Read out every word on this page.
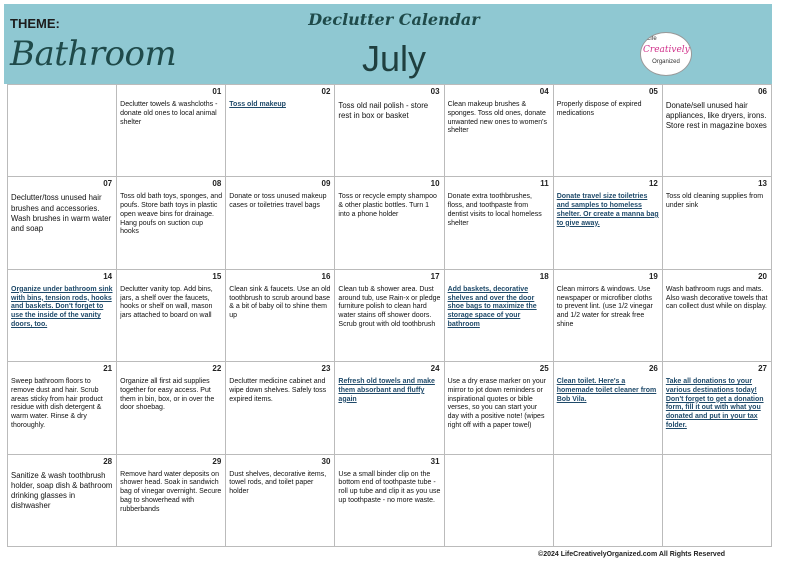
THEME:
Bathroom
Declutter Calendar
July	Life
Creatively
Organized
01
Declutter towels & washcloths - donate old ones to local animal shelter
02
Toss old makeup
03
Toss old nail polish - store rest in box or basket
04
Clean makeup brushes & sponges. Toss old ones, donate unwanted new ones to women's shelter
05
Properly dispose of expired medications
06
Donate/sell unused hair appliances, like dryers, irons. Store rest in magazine boxes
07
Declutter/toss unused hair brushes and accessories. Wash brushes in warm water and soap
08
Toss old bath toys, sponges, and poufs. Store bath toys in plastic open weave bins for drainage. Hang poufs on suction cup hooks
09
Donate or toss unused makeup cases or toiletries travel bags
10
Toss or recycle empty shampoo & other plastic bottles. Turn 1 into a phone holder
11
Donate extra toothbrushes, floss, and toothpaste from dentist visits to local homeless shelter
12
Donate travel size toiletries and samples to homeless shelter. Or create a manna bag to give away.
13
Toss old cleaning supplies from under sink
14
Organize under bathroom sink with bins, tension rods, hooks and baskets. Don't forget to use the inside of the vanity doors, too.
15
Declutter vanity top. Add bins, jars, a shelf over the faucets, hooks or shelf on wall, mason jars attached to board on wall
16
Clean sink & faucets. Use an old toothbrush to scrub around base & a bit of baby oil to shine them up
17
Clean tub & shower area. Dust around tub, use Rain-x or pledge furniture polish to clean hard water stains off shower doors. Scrub grout with old toothbrush
18
Add baskets, decorative shelves and over the door shoe bags to maximize the storage space of your bathroom
19
Clean mirrors & windows. Use newspaper or microfiber cloths to prevent lint. (use 1/2 vinegar and 1/2 water for streak free shine
20
Wash bathroom rugs and mats. Also wash decorative towels that can collect dust while on display.
21
Sweep bathroom floors to remove dust and hair. Scrub areas sticky from hair product residue with dish detergent & warm water. Rinse & dry thoroughly.
22
Organize all first aid supplies together for easy access. Put them in bin, box, or in over the door shoebag.
23
Declutter medicine cabinet and wipe down shelves. Safely toss expired items.
24
Refresh old towels and make them absorbant and fluffy again
25
Use a dry erase marker on your mirror to jot down reminders or inspirational quotes or bible verses, so you can start your day with a positive note! (wipes right off with a paper towel)
26
Clean toilet. Here's a homemade toilet cleaner from Bob Vila.
27
Take all donations to your various destinations today! Don't forget to get a donation form, fill it out with what you donated and put in your tax folder.
28
Sanitize & wash toothbrush holder, soap dish & bathroom drinking glasses in dishwasher
29
Remove hard water deposits on shower head. Soak in sandwich bag of vinegar overnight. Secure bag to showerhead with rubberbands
30
Dust shelves, decorative items, towel rods, and toilet paper holder
31
Use a small binder clip on the bottom end of toothpaste tube - roll up tube and clip it as you use up toothpaste - no more waste.
©2024 LifeCreativelyOrganized.com All Rights Reserved
